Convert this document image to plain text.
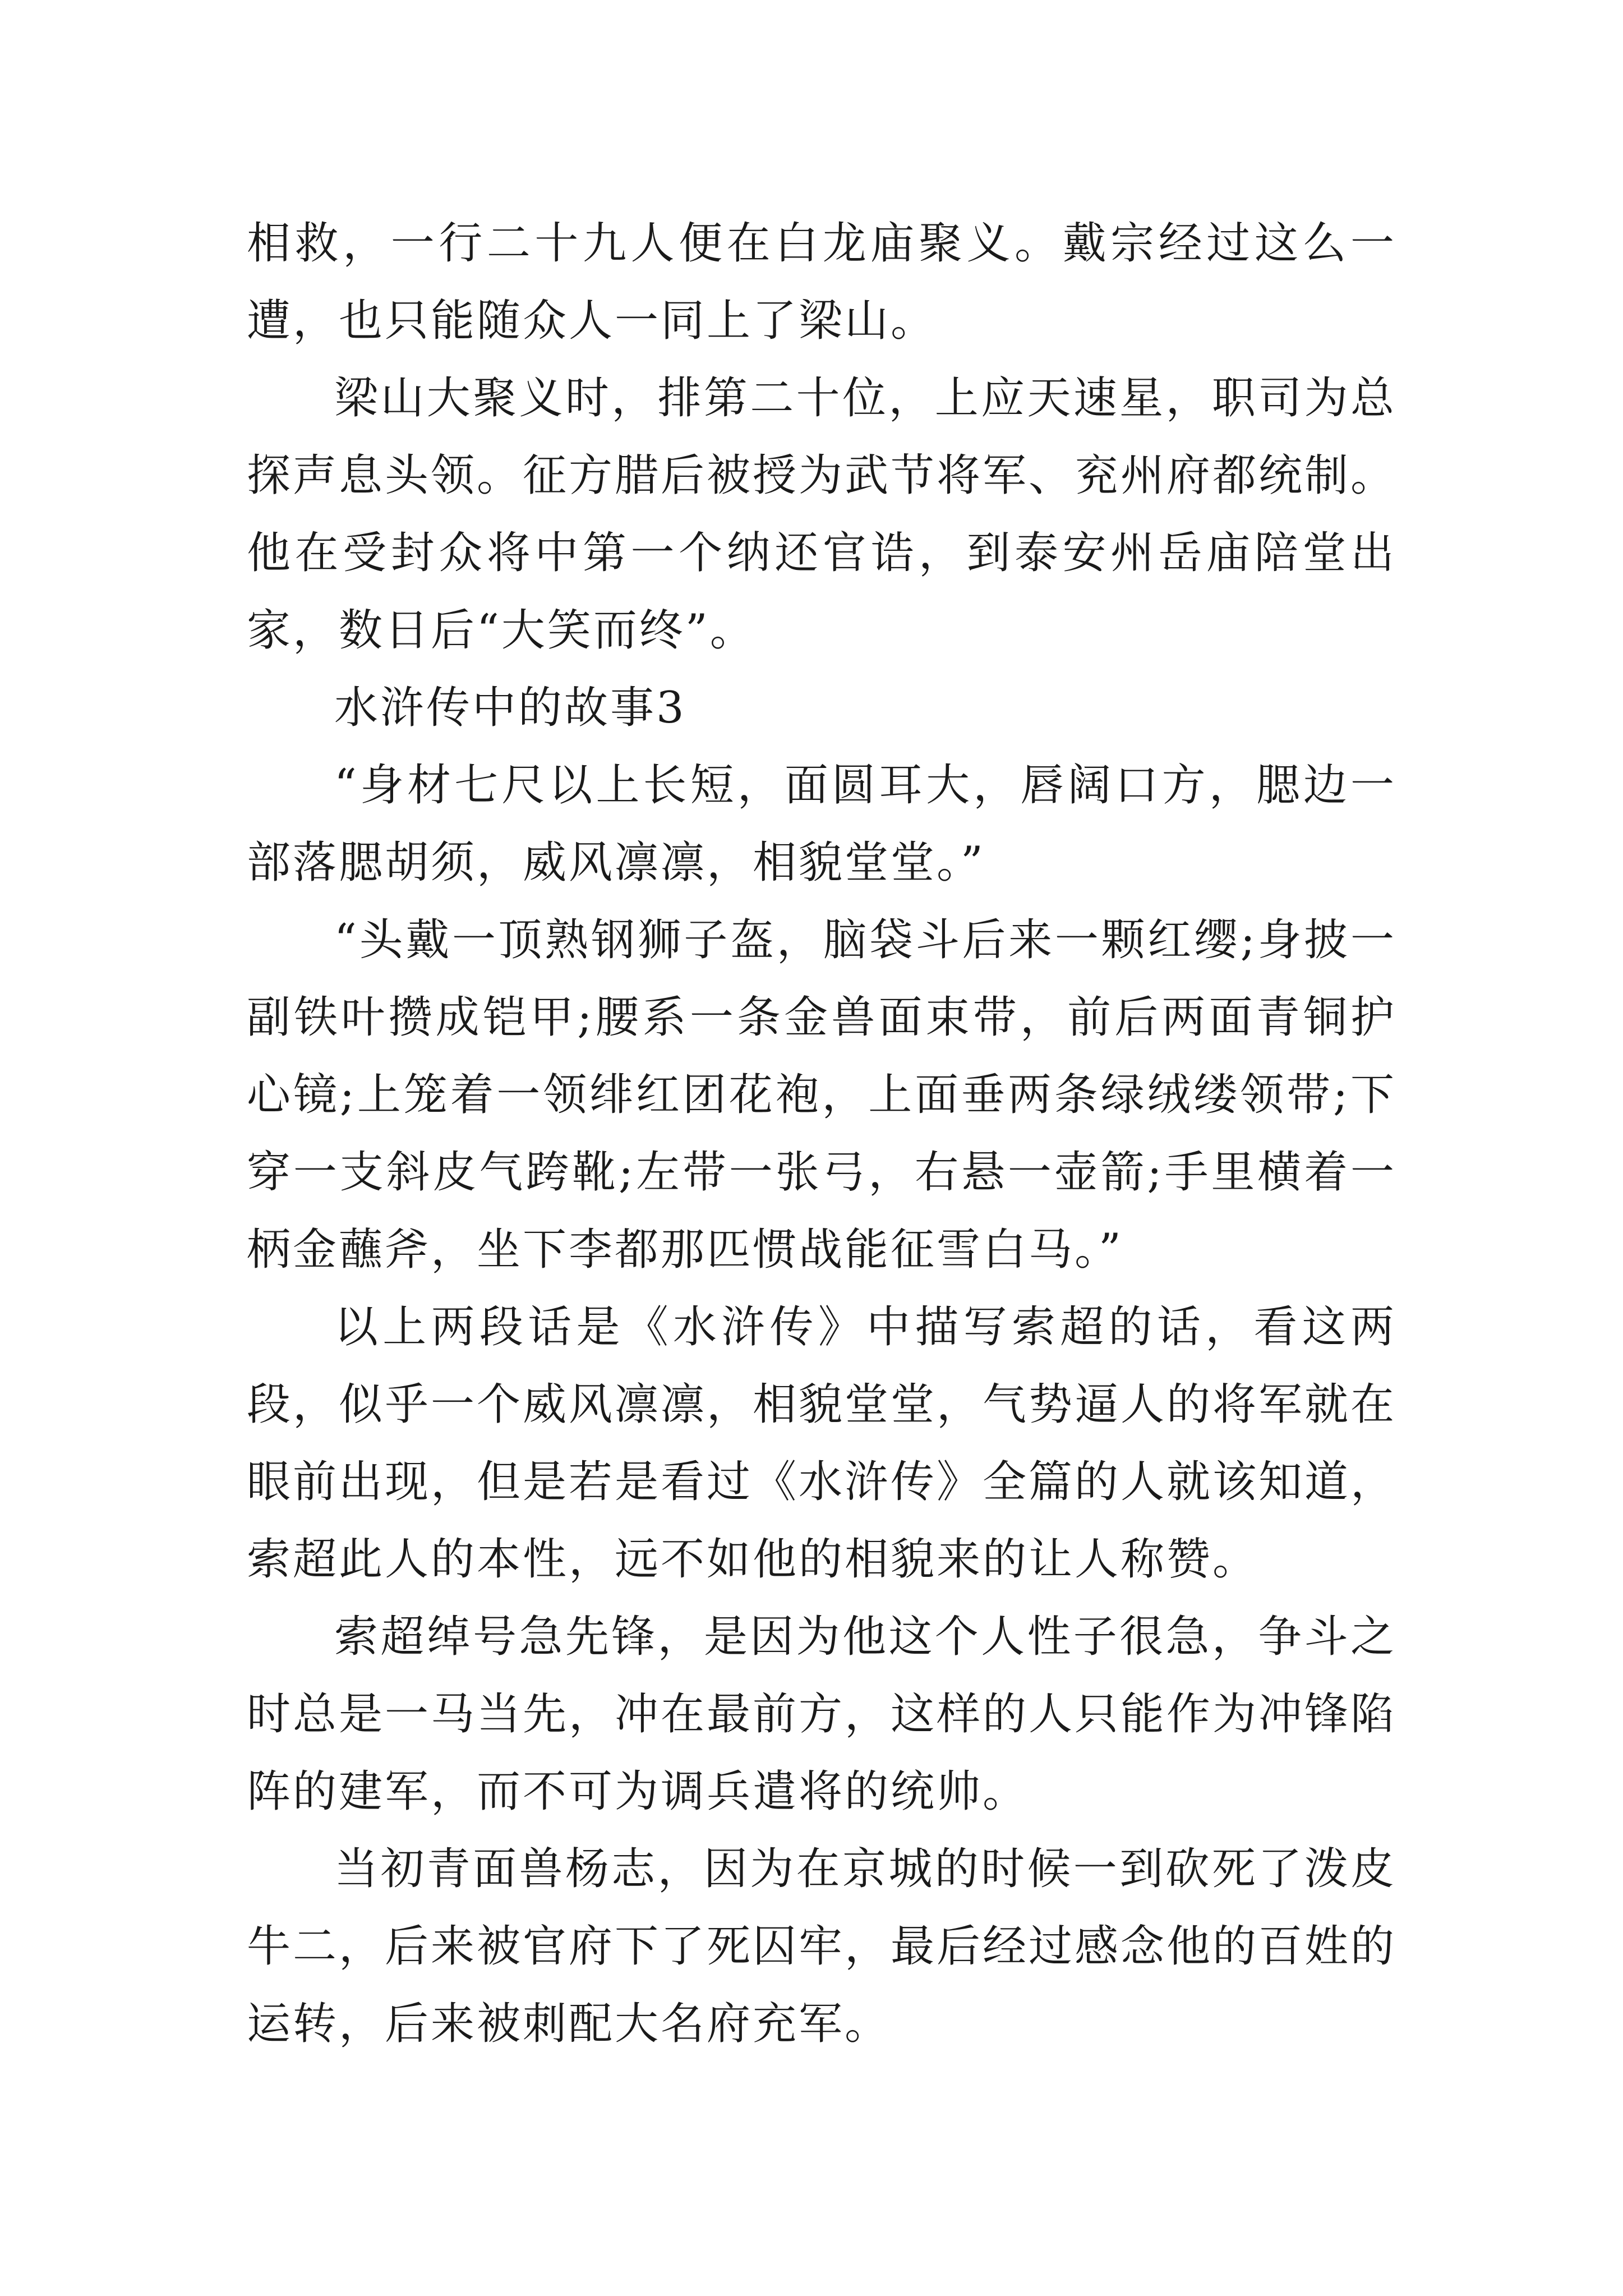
相救，一行二十九人便在白龙庙聚义。戴宗经过这么一遭，也只能随众人一同上了梁山。

梁山大聚义时，排第二十位，上应天速星，职司为总探声息头领。征方腊后被授为武节将军、兖州府都统制。他在受封众将中第一个纳还官诰，到泰安州岳庙陪堂出家，数日后“大笑而终”。

水浒传中的故事3

“身材七尺以上长短，面圆耳大，唇阔口方，腮边一部落腮胡须，威风凛凛，相貌堂堂。”

“头戴一顶熟钢狮子盔，脑袋斗后来一颗红缨;身披一副铁叶攒成铠甲;腰系一条金兽面束带，前后两面青铜护心镜;上笼着一领绯红团花袍，上面垂两条绿绒缕领带;下穿一支斜皮气跨靴;左带一张弓，右悬一壶箭;手里横着一柄金蘸斧，坐下李都那匹惯战能征雪白马。”

以上两段话是《水浒传》中描写索超的话，看这两段，似乎一个威风凛凛，相貌堂堂，气势逼人的将军就在眼前出现，但是若是看过《水浒传》全篇的人就该知道，索超此人的本性，远不如他的相貌来的让人称赞。

索超绰号急先锋，是因为他这个人性子很急，争斗之时总是一马当先，冲在最前方，这样的人只能作为冲锋陷阵的建军，而不可为调兵遣将的统帅。

当初青面兽杨志，因为在京城的时候一到砍死了泼皮牛二，后来被官府下了死囚牢，最后经过感念他的百姓的运转，后来被刺配大名府充军。
